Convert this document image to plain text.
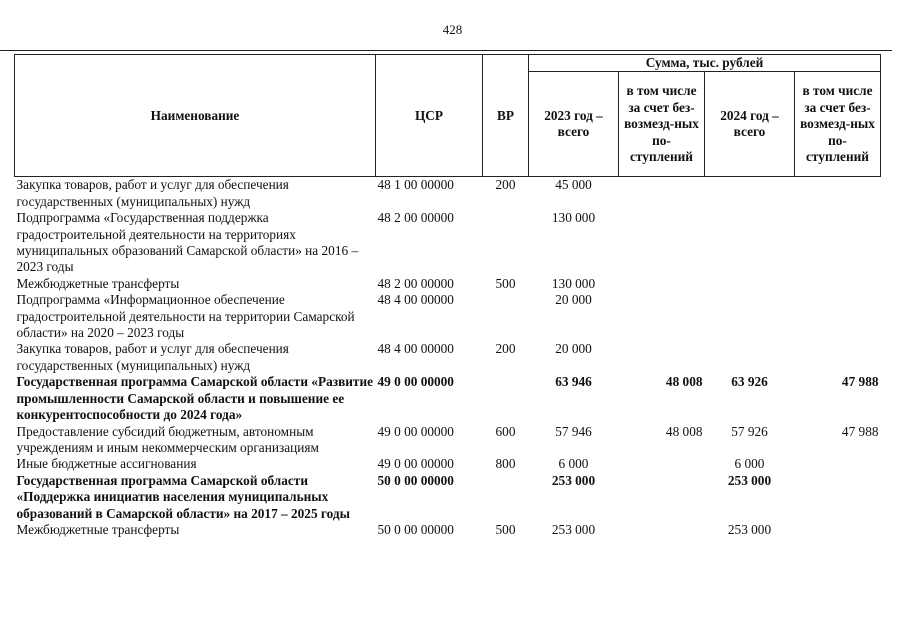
428
Наименование	ЦСР	ВР	Сумма, тыс. рублей			
			2023 год – всего	в том числе за счет без-возмезд-ных по-ступлений	2024 год – всего	в том числе за счет без-возмезд-ных по-ступлений
Закупка товаров, работ и услуг для обеспечения государственных (муниципальных) нужд	48 1 00 00000	200	45 000			
Подпрограмма «Государственная поддержка градостроительной деятельности на территориях муниципальных образований Самарской области» на 2016 – 2023 годы	48 2 00 00000		130 000			
Межбюджетные трансферты	48 2 00 00000	500	130 000			
Подпрограмма «Информационное обеспечение градостроительной деятельности на территории Самарской области» на 2020 – 2023 годы	48 4 00 00000		20 000			
Закупка товаров, работ и услуг для обеспечения государственных (муниципальных) нужд	48 4 00 00000	200	20 000			
Государственная программа Самарской области «Развитие промышленности Самарской области и повышение ее конкурентоспособности до 2024 года»	49 0 00 00000		63 946	48 008	63 926	47 988
Предоставление субсидий бюджетным, автономным учреждениям и иным некоммерческим организациям	49 0 00 00000	600	57 946	48 008	57 926	47 988
Иные бюджетные ассигнования	49 0 00 00000	800	6 000		6 000	
Государственная программа Самарской области «Поддержка инициатив населения муниципальных образований в Самарской области» на 2017 – 2025 годы	50 0 00 00000		253 000		253 000	
Межбюджетные трансферты	50 0 00 00000	500	253 000		253 000	
